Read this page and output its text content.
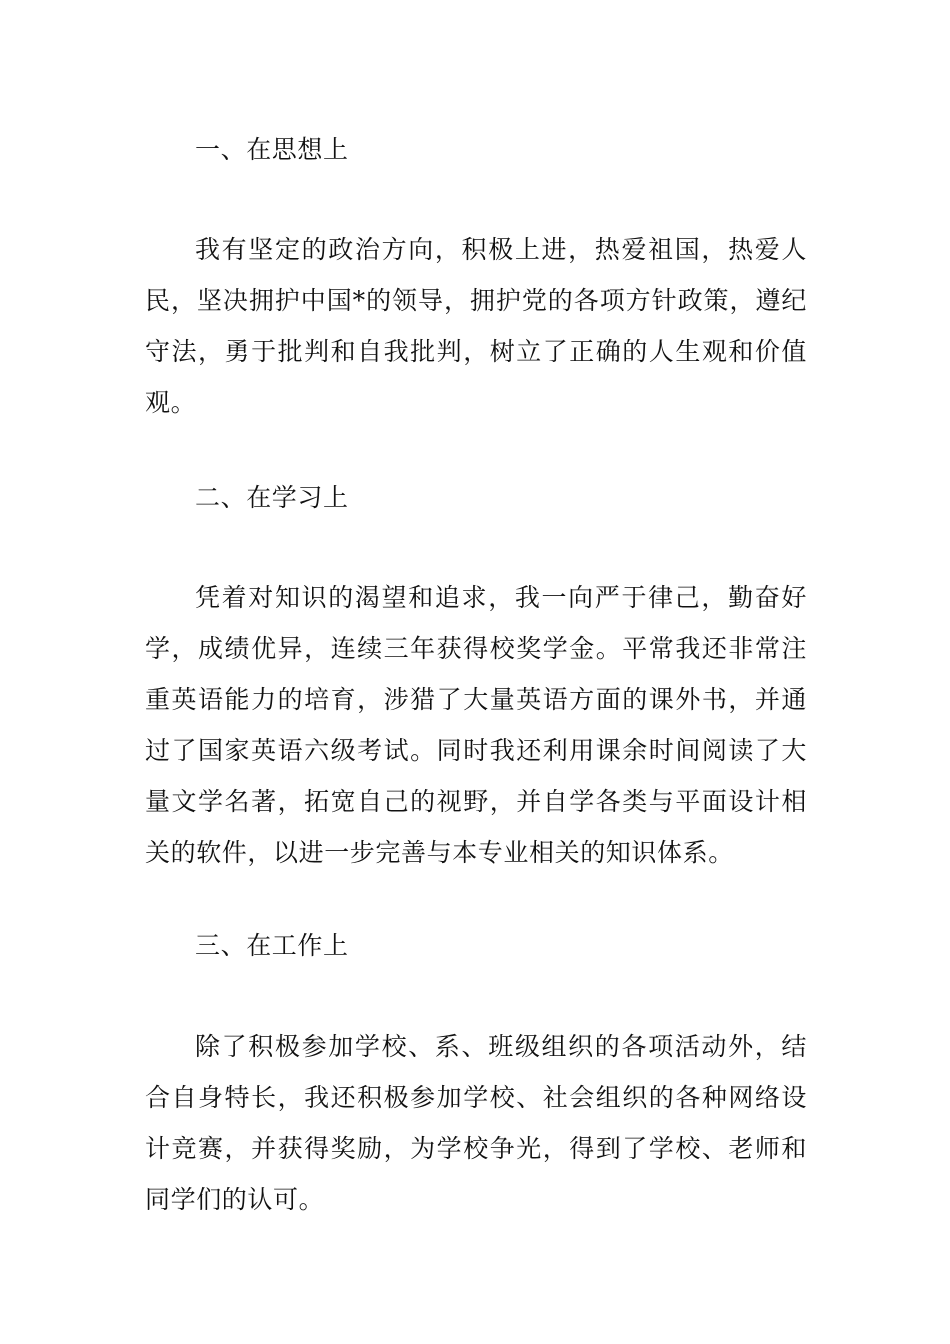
一、在思想上

我有坚定的政治方向，积极上进，热爱祖国，热爱人民，坚决拥护中国*的领导，拥护党的各项方针政策，遵纪守法，勇于批判和自我批判，树立了正确的人生观和价值观。

二、在学习上

凭着对知识的渴望和追求，我一向严于律己，勤奋好学，成绩优异，连续三年获得校奖学金。平常我还非常注重英语能力的培育，涉猎了大量英语方面的课外书，并通过了国家英语六级考试。同时我还利用课余时间阅读了大量文学名著，拓宽自己的视野，并自学各类与平面设计相关的软件，以进一步完善与本专业相关的知识体系。

三、在工作上

除了积极参加学校、系、班级组织的各项活动外，结合自身特长，我还积极参加学校、社会组织的各种网络设计竞赛，并获得奖励，为学校争光，得到了学校、老师和同学们的认可。
